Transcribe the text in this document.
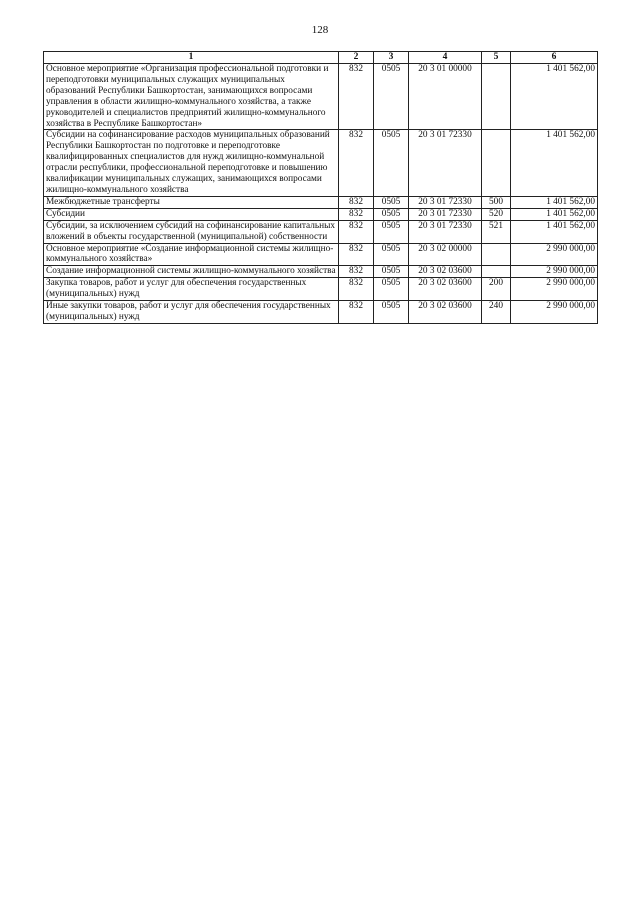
128
1	2	3	4	5	6
Основное мероприятие «Организация профессиональной подготовки и переподготовки муниципальных служащих муниципальных образований Республики Башкортостан, занимающихся вопросами управления в области жилищно-коммунального хозяйства, а также руководителей и специалистов предприятий жилищно-коммунального хозяйства в Республике Башкортостан»	832	0505	20 3 01 00000		1 401 562,00
Субсидии на софинансирование расходов муниципальных образований Республики Башкортостан по подготовке и переподготовке квалифицированных специалистов для нужд жилищно-коммунальной отрасли республики, профессиональной переподготовке и повышению квалификации муниципальных служащих, занимающихся вопросами жилищно-коммунального хозяйства	832	0505	20 3 01 72330		1 401 562,00
Межбюджетные трансферты	832	0505	20 3 01 72330	500	1 401 562,00
Субсидии	832	0505	20 3 01 72330	520	1 401 562,00
Субсидии, за исключением субсидий на софинансирование капитальных вложений в объекты государственной (муниципальной) собственности	832	0505	20 3 01 72330	521	1 401 562,00
Основное мероприятие «Создание информационной системы жилищно-коммунального хозяйства»	832	0505	20 3 02 00000		2 990 000,00
Создание информационной системы жилищно-коммунального хозяйства	832	0505	20 3 02 03600		2 990 000,00
Закупка товаров, работ и услуг для обеспечения государственных (муниципальных) нужд	832	0505	20 3 02 03600	200	2 990 000,00
Иные закупки товаров, работ и услуг для обеспечения государственных (муниципальных) нужд	832	0505	20 3 02 03600	240	2 990 000,00
